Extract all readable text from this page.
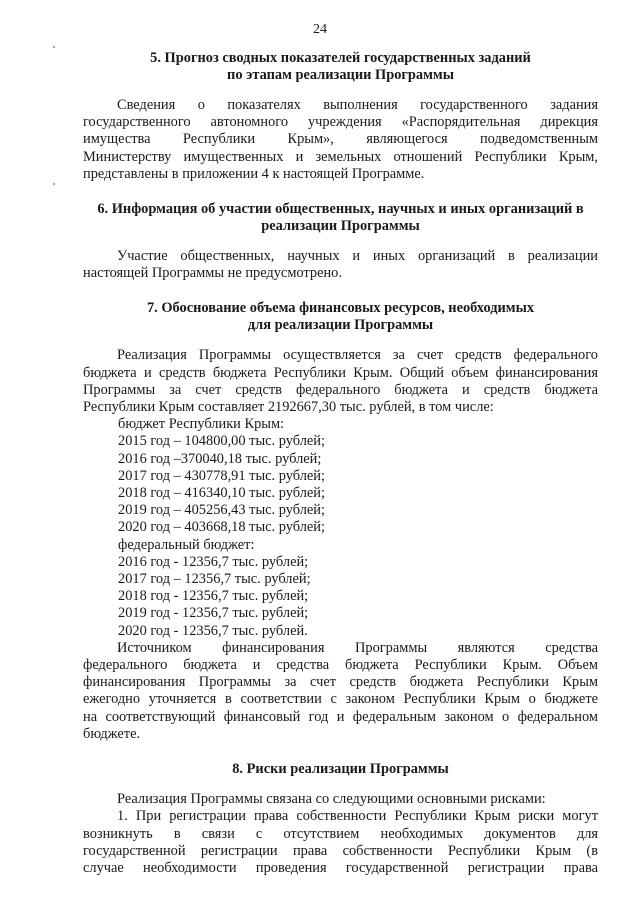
24

5. Прогноз сводных показателей государственных заданий
по этапам реализации Программы

Сведения о показателях выполнения государственного задания
государственного автономного учреждения «Распорядительная дирекция
имущества Республики Крым», являющегося подведомственным
Министерству имущественных и земельных отношений Республики Крым,
представлены в приложении 4 к настоящей Программе.

6. Информация об участии общественных, научных и иных организаций в
реализации Программы

Участие общественных, научных и иных организаций в реализации
настоящей Программы не предусмотрено.

7. Обоснование объема финансовых ресурсов, необходимых
для реализации Программы

Реализация Программы осуществляется за счет средств федерального
бюджета и средств бюджета Республики Крым. Общий объем финансирования
Программы за счет средств федерального бюджета и средств бюджета
Республики Крым составляет 2192667,30 тыс. рублей, в том числе:
бюджет Республики Крым:
2015 год – 104800,00 тыс. рублей;
2016 год –370040,18 тыс. рублей;
2017 год – 430778,91 тыс. рублей;
2018 год – 416340,10 тыс. рублей;
2019 год – 405256,43 тыс. рублей;
2020 год – 403668,18 тыс. рублей;
федеральный бюджет:
2016 год - 12356,7 тыс. рублей;
2017 год – 12356,7 тыс. рублей;
2018 год - 12356,7 тыс. рублей;
2019 год - 12356,7 тыс. рублей;
2020 год - 12356,7 тыс. рублей.
Источником финансирования Программы являются средства
федерального бюджета и средства бюджета Республики Крым. Объем
финансирования Программы за счет средств бюджета Республики Крым
ежегодно уточняется в соответствии с законом Республики Крым о бюджете
на соответствующий финансовый год и федеральным законом о федеральном
бюджете.

8. Риски реализации Программы

Реализация Программы связана со следующими основными рисками:
1. При регистрации права собственности Республики Крым риски могут
возникнуть в связи с отсутствием необходимых документов для
государственной регистрации права собственности Республики Крым (в
случае необходимости проведения государственной регистрации права
